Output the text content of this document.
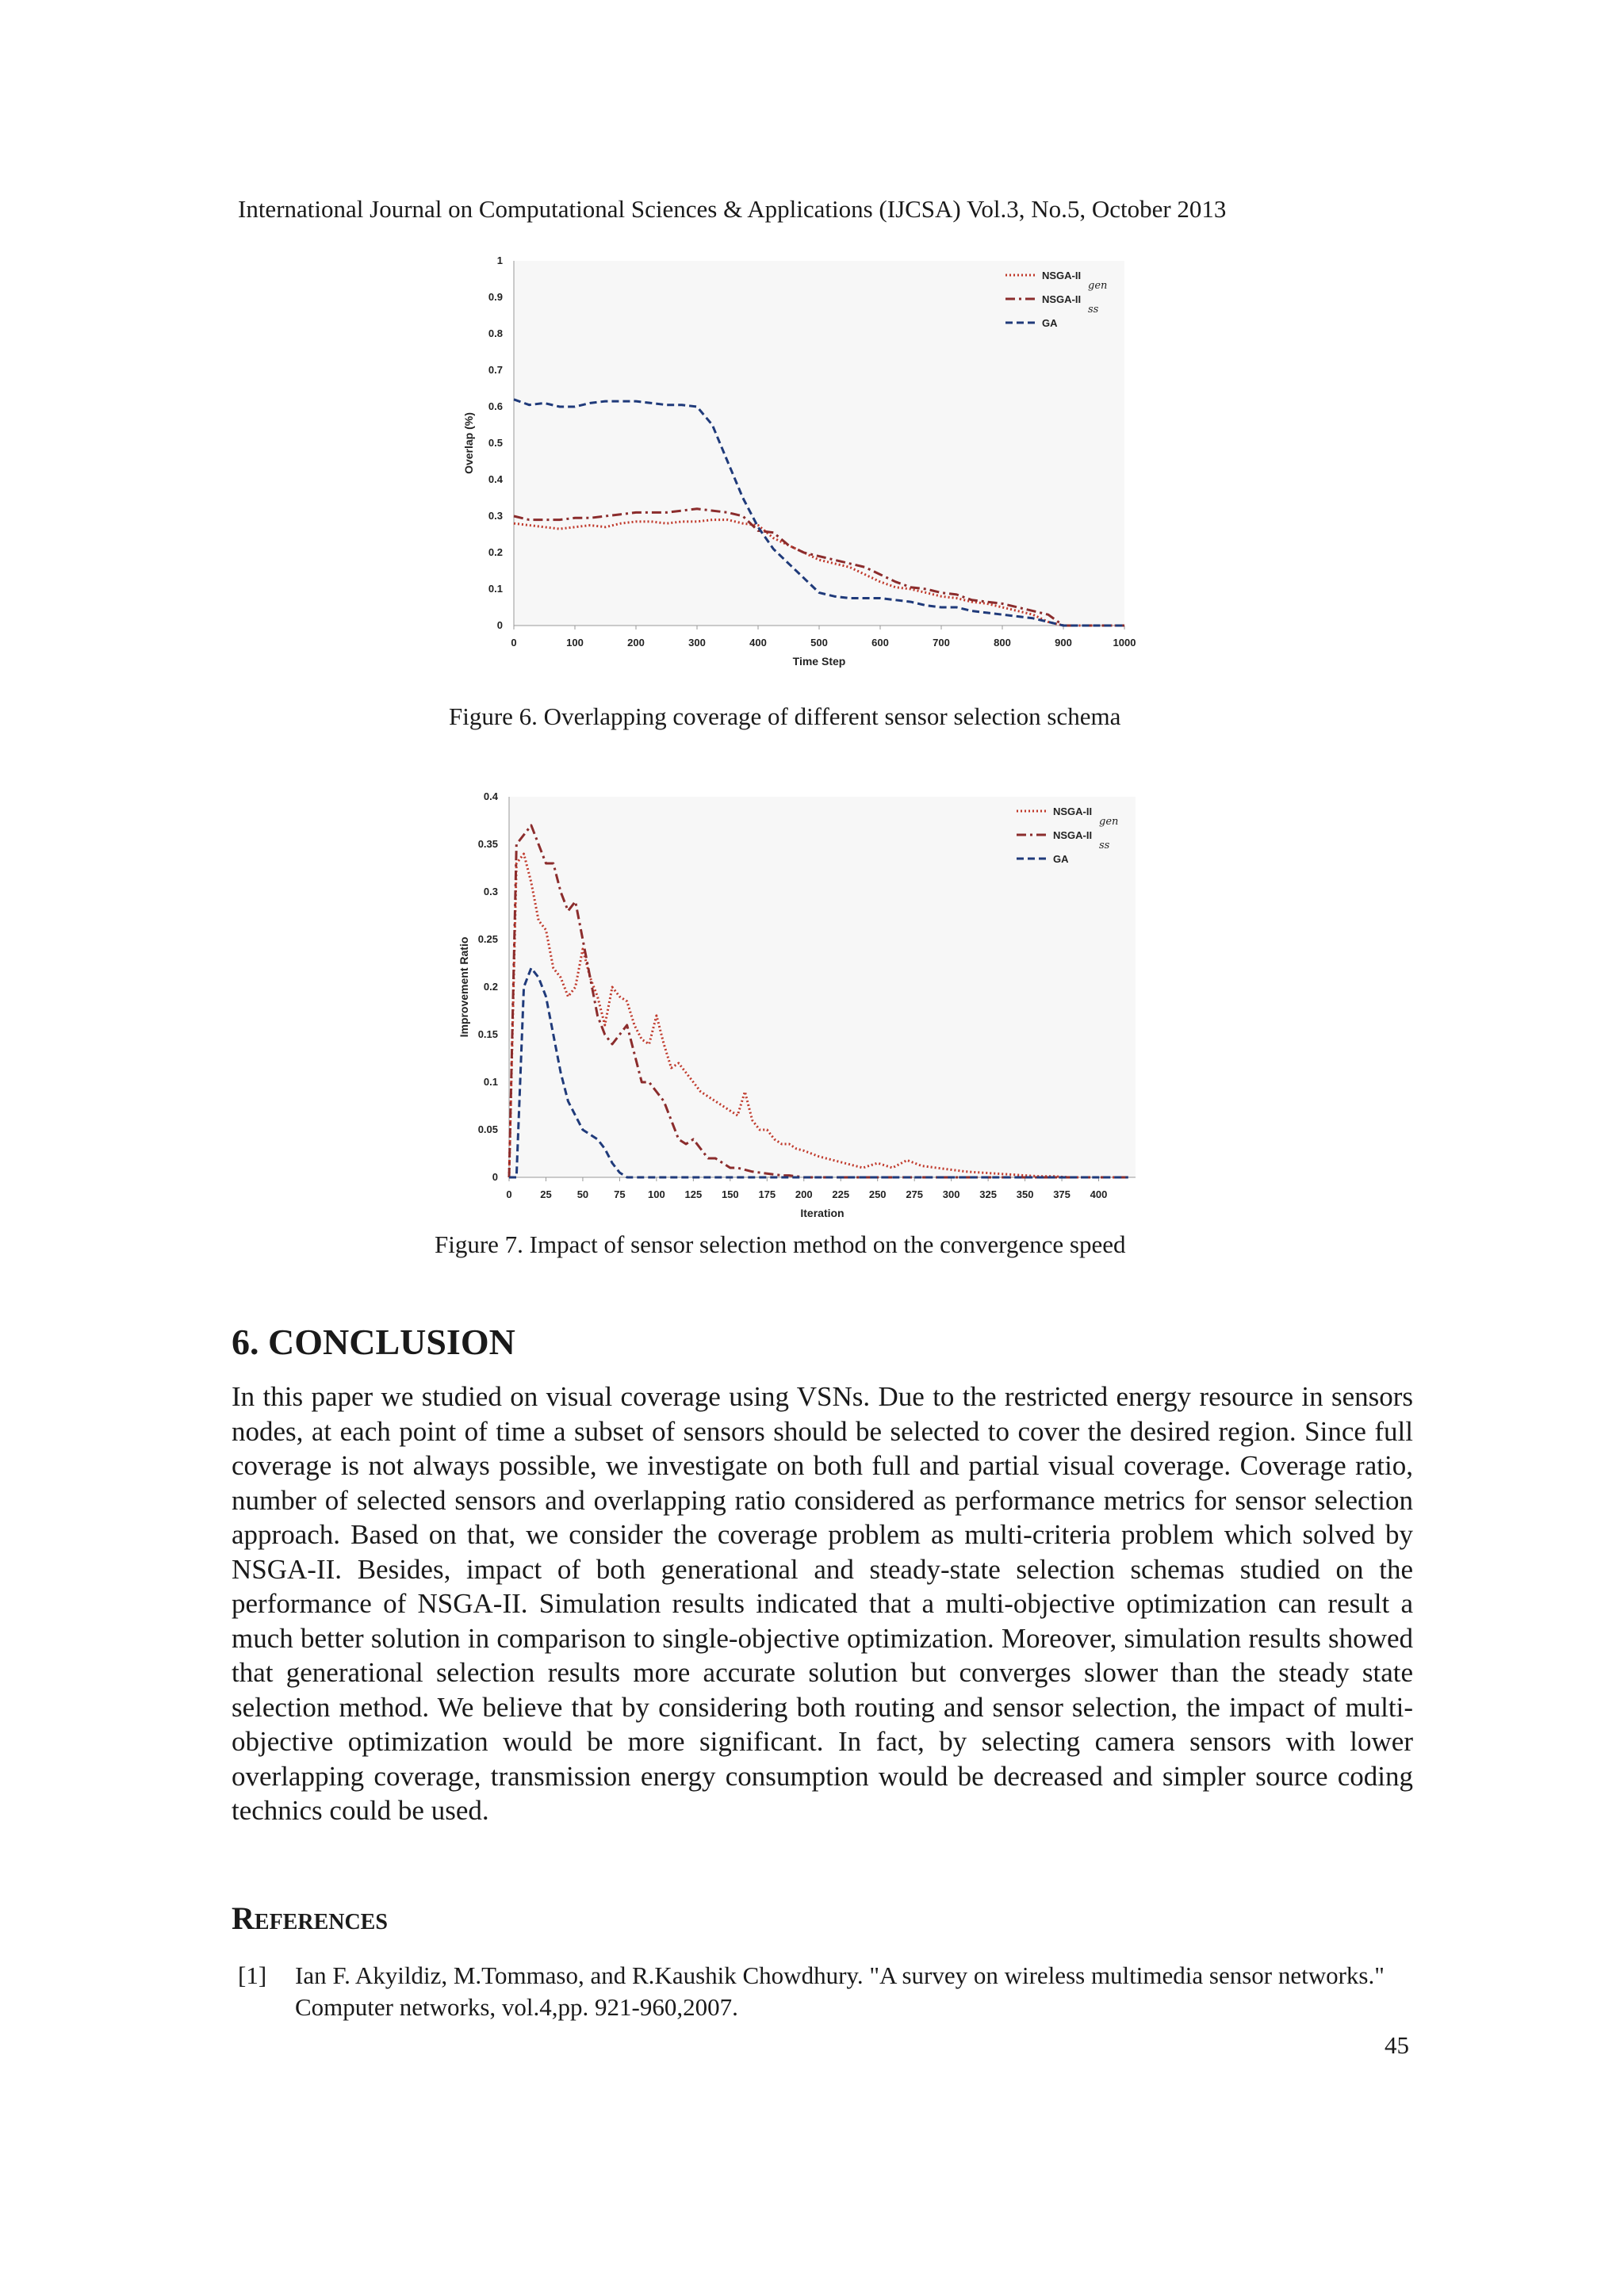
International Journal on Computational Sciences & Applications (IJCSA) Vol.3, No.5, October 2013
0
0.1
0.2
0.3
0.4
0.5
0.6
0.7
0.8
0.9
1
0	100	200	300	400	500	600	700	800	900	1000
Time Step
Overlap (%)
NSGA-II
gen
NSGA-II
ss
GA
Figure 6. Overlapping coverage of different sensor selection schema
0
0.05
0.1
0.15
0.2
0.25
0.3
0.35
0.4
0	25 50 75 100 125 150 175 200 225 250 275 300 325 350 375 400
Iteration
Improvement Ratio
NSGA-II
gen
NSGA-II
ss
GA
Figure 7. Impact of sensor selection method on the convergence speed
6. CONCLUSION

In this paper we studied on visual coverage using VSNs. Due to the restricted energy resource in sensors nodes, at each point of time a subset of sensors should be selected to cover the desired region. Since full coverage is not always possible, we investigate on both full and partial visual coverage. Coverage ratio, number of selected sensors and overlapping ratio considered as performance metrics for sensor selection approach. Based on that, we consider the coverage problem as multi-criteria problem which solved by NSGA-II. Besides, impact of both generational and steady-state selection schemas studied on the performance of NSGA-II. Simulation results indicated that a multi-objective optimization can result a much better solution in comparison to single-objective optimization. Moreover, simulation results showed that generational selection results more accurate solution but converges slower than the steady state selection method. We believe that by considering both routing and sensor selection, the impact of multi-objective optimization would be more significant. In fact, by selecting camera sensors with lower overlapping coverage, transmission energy consumption would be decreased and simpler source coding technics could be used.

References
[1] Ian F. Akyildiz, M.Tommaso, and R.Kaushik Chowdhury. "A survey on wireless multimedia sensor networks." Computer networks, vol.4,pp. 921-960,2007.
45
